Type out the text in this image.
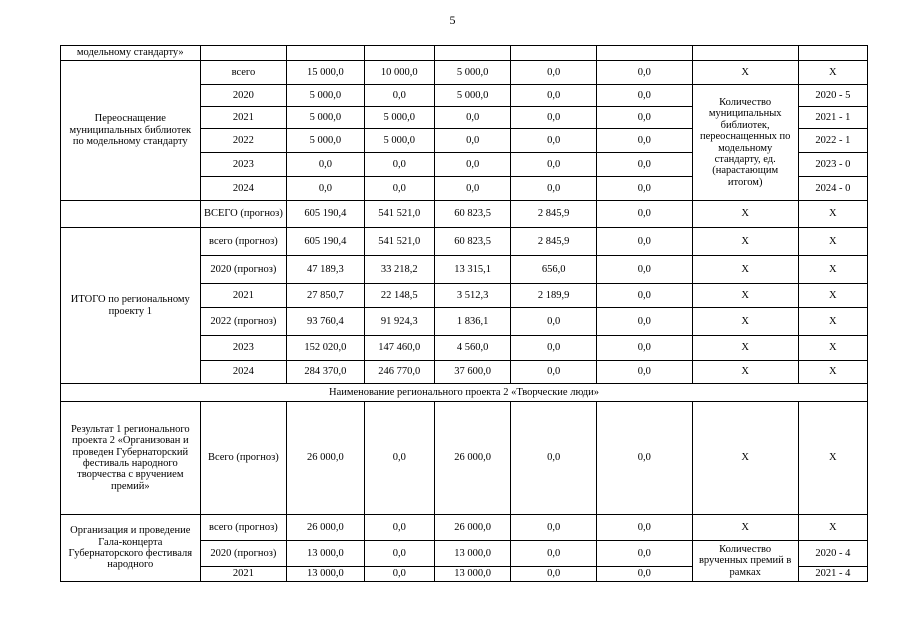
5
модельному стандарту»								
Переоснащение муниципальных библиотек по модельному стандарту	всего	15 000,0	10 000,0	5 000,0	0,0	0,0	Х	Х
	2020	5 000,0	0,0	5 000,0	0,0	0,0	Количество муниципальных библиотек, переоснащенных по модельному стандарту, ед. (нарастающим итогом)	2020 - 5
	2021	5 000,0	5 000,0	0,0	0,0	0,0		2021 - 1
	2022	5 000,0	5 000,0	0,0	0,0	0,0		2022 - 1
	2023	0,0	0,0	0,0	0,0	0,0		2023 - 0
	2024	0,0	0,0	0,0	0,0	0,0		2024 - 0
	ВСЕГО (прогноз)	605 190,4	541 521,0	60 823,5	2 845,9	0,0	Х	Х
ИТОГО по региональному проекту 1	всего (прогноз)	605 190,4	541 521,0	60 823,5	2 845,9	0,0	Х	Х
	2020 (прогноз)	47 189,3	33 218,2	13 315,1	656,0	0,0	Х	Х
	2021	27 850,7	22 148,5	3 512,3	2 189,9	0,0	Х	Х
	2022 (прогноз)	93 760,4	91 924,3	1 836,1	0,0	0,0	Х	Х
	2023	152 020,0	147 460,0	4 560,0	0,0	0,0	Х	Х
	2024	284 370,0	246 770,0	37 600,0	0,0	0,0	Х	Х
Наименование регионального проекта 2 «Творческие люди»								
Результат 1 регионального проекта 2 «Организован и проведен Губернаторский фестиваль народного творчества с вручением премий»	Всего (прогноз)	26 000,0	0,0	26 000,0	0,0	0,0	Х	Х
Организация и проведение Гала-концерта Губернаторского фестиваля народного	всего (прогноз)	26 000,0	0,0	26 000,0	0,0	0,0	Х	Х
	2020 (прогноз)	13 000,0	0,0	13 000,0	0,0	0,0	Количество врученных премий в рамках	2020 - 4
	2021	13 000,0	0,0	13 000,0	0,0	0,0		2021 - 4
